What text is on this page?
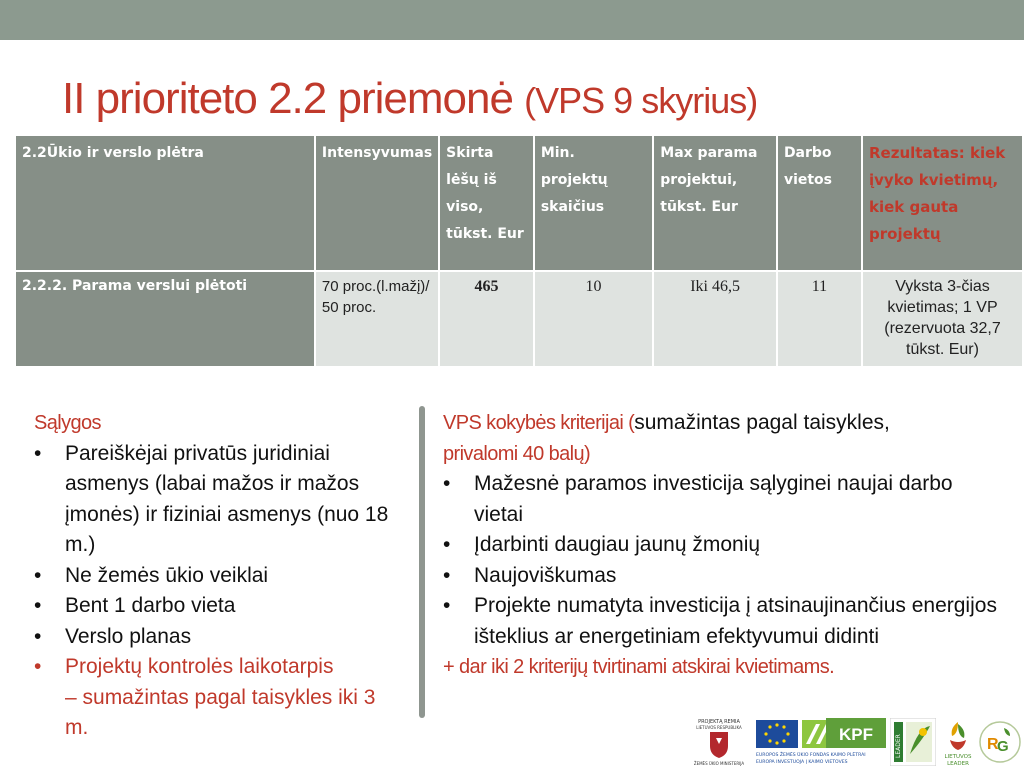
II prioriteto 2.2 priemonė (VPS 9 skyrius)
2.2Ūkio ir verslo plėtra	Intensyvumas	Skirta lėšų iš viso, tūkst. Eur	Min. projektų skaičius	Max parama projektui, tūkst. Eur	Darbo vietos	Rezultatas: kiek įvyko kvietimų, kiek gauta projektų
2.2.2. Parama verslui plėtoti	70 proc.(l.mažį)/ 50 proc.	465	10	Iki 46,5	11	Vyksta 3-čias kvietimas; 1 VP (rezervuota 32,7 tūkst. Eur)
Sąlygos
• Pareiškėjai privatūs juridiniai asmenys (labai mažos ir mažos įmonės) ir fiziniai asmenys (nuo 18 m.)
• Ne žemės ūkio veiklai
• Bent 1 darbo vieta
• Verslo planas
• Projektų kontrolės laikotarpis
– sumažintas pagal taisykles iki 3 m.
VPS kokybės kriterijai (sumažintas pagal taisykles,
privalomi 40 balų)
• Mažesnė paramos investicija sąlyginei naujai darbo vietai
• Įdarbinti daugiau jaunų žmonių
• Naujoviškumas
• Projekte numatyta investicija į atsinaujinančius energijos išteklius ar energetiniam efektyvumui didinti
+ dar iki 2 kriterijų tvirtinami atskirai kvietimams.
PROJEKTĄ REMIA
LIETUVOS RESPUBLIKA
ŽEMĖS ŪKIO MINISTERIJA
EUROPOS ŽEMĖS ŪKIO FONDAS KAIMO PLĖTRAI
EUROPA INVESTUOJA Į KAIMO VIETOVES
KPF	LEADER	LIETUVOS
LEADER
R
G
